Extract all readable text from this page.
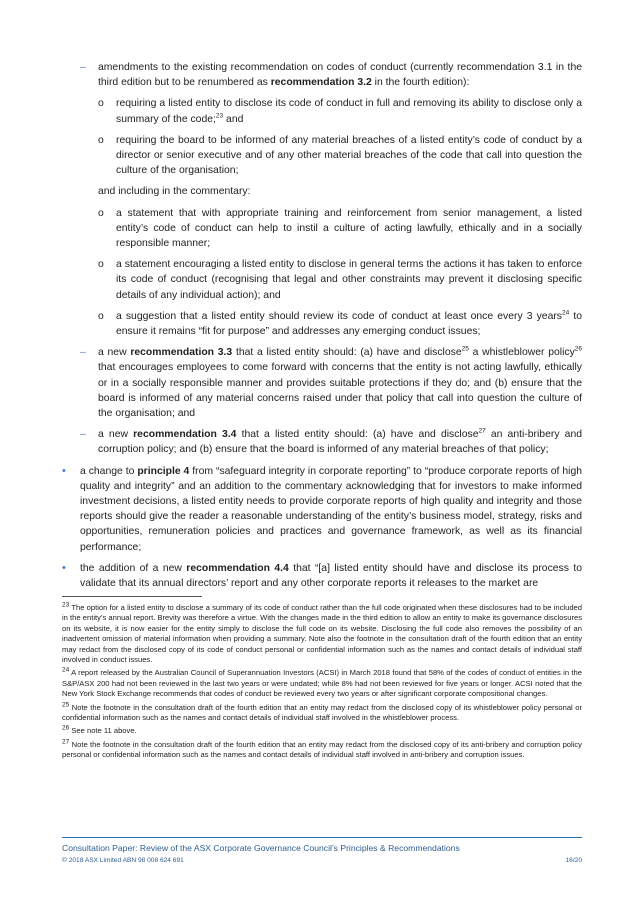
– amendments to the existing recommendation on codes of conduct (currently recommendation 3.1 in the third edition but to be renumbered as recommendation 3.2 in the fourth edition):

o requiring a listed entity to disclose its code of conduct in full and removing its ability to disclose only a summary of the code;$^{23}$ and

o requiring the board to be informed of any material breaches of a listed entity’s code of conduct by a director or senior executive and of any other material breaches of the code that call into question the culture of the organisation;

and including in the commentary:

o a statement that with appropriate training and reinforcement from senior management, a listed entity’s code of conduct can help to instil a culture of acting lawfully, ethically and in a socially responsible manner;

o a statement encouraging a listed entity to disclose in general terms the actions it has taken to enforce its code of conduct (recognising that legal and other constraints may prevent it disclosing specific details of any individual action); and

o a suggestion that a listed entity should review its code of conduct at least once every 3 years$^{24}$ to ensure it remains “fit for purpose” and addresses any emerging conduct issues;

– a new recommendation 3.3 that a listed entity should: (a) have and disclose$^{25}$ a whistleblower policy$^{26}$ that encourages employees to come forward with concerns that the entity is not acting lawfully, ethically or in a socially responsible manner and provides suitable protections if they do; and (b) ensure that the board is informed of any material concerns raised under that policy that call into question the culture of the organisation; and

– a new recommendation 3.4 that a listed entity should: (a) have and disclose$^{27}$ an anti-bribery and corruption policy; and (b) ensure that the board is informed of any material breaches of that policy;

• a change to principle 4 from “safeguard integrity in corporate reporting” to “produce corporate reports of high quality and integrity” and an addition to the commentary acknowledging that for investors to make informed investment decisions, a listed entity needs to provide corporate reports of high quality and integrity and those reports should give the reader a reasonable understanding of the entity’s business model, strategy, risks and opportunities, remuneration policies and practices and governance framework, as well as its financial performance;

• the addition of a new recommendation 4.4 that “[a] listed entity should have and disclose its process to validate that its annual directors’ report and any other corporate reports it releases to the market are

$^{23}$ The option for a listed entity to disclose a summary of its code of conduct rather than the full code originated when these disclosures had to be included in the entity’s annual report. Brevity was therefore a virtue. With the changes made in the third edition to allow an entity to make its governance disclosures on its website, it is now easier for the entity simply to disclose the full code on its website. Disclosing the full code also removes the possibility of an inadvertent omission of material information when providing a summary. Note also the footnote in the consultation draft of the fourth edition that an entity may redact from the disclosed copy of its code of conduct personal or confidential information such as the names and contact details of individual staff involved in conduct issues.

$^{24}$ A report released by the Australian Council of Superannuation Investors (ACSI) in March 2018 found that 58% of the codes of conduct of entities in the S&P/ASX 200 had not been reviewed in the last two years or were undated; while 8% had not been reviewed for five years or longer. ACSI noted that the New York Stock Exchange recommends that codes of conduct be reviewed every two years or after significant corporate compositional changes.

$^{25}$ Note the footnote in the consultation draft of the fourth edition that an entity may redact from the disclosed copy of its whistleblower policy personal or confidential information such as the names and contact details of individual staff involved in the whistleblower process.

$^{26}$ See note 11 above.

$^{27}$ Note the footnote in the consultation draft of the fourth edition that an entity may redact from the disclosed copy of its anti-bribery and corruption policy personal or confidential information such as the names and contact details of individual staff involved in anti-bribery and corruption issues.

Consultation Paper: Review of the ASX Corporate Governance Council’s Principles & Recommendations
© 2018 ASX Limited ABN 98 008 624 691	16/20
